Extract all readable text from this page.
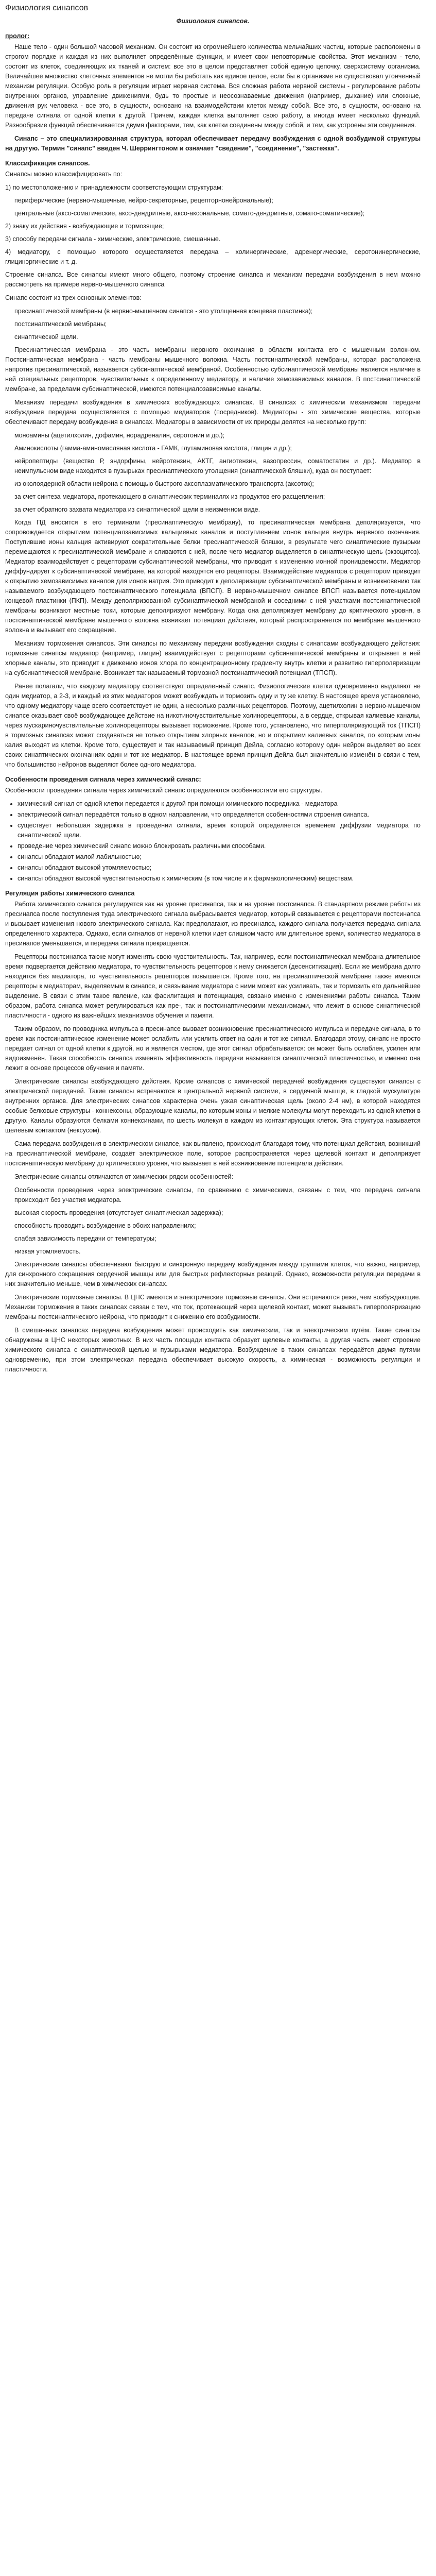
Физиология синапсов
Физиология синапсов.
пролог:

Наше тело - один большой часовой механизм. Он состоит из огромнейшего количества мельчайших частиц, которые расположены в строгом порядке и каждая из них выполняет определённые функции, и имеет свои неповторимые свойства. Этот механизм - тело, состоит из клеток, соединяющих их тканей и систем: все это в целом представляет собой единую цепочку, сверхсистему организма. Величайшее множество клеточных элементов не могли бы работать как единое целое, если бы в организме не существовал утонченный механизм регуляции. Особую роль в регуляции играет нервная система. Вся сложная работа нервной системы - регулирование работы внутренних органов, управление движениями, будь то простые и неосознаваемые движения (например, дыхание) или сложные, движения рук человека - все это, в сущности, основано на взаимодействии клеток между собой. Все это, в сущности, основано на передаче сигнала от одной клетки к другой. Причем, каждая клетка выполняет свою работу, а иногда имеет несколько функций. Разнообразие функций обеспечивается двумя факторами, тем, как клетки соединены между собой, и тем, как устроены эти соединения.

Синапс – это специализированная структура, которая обеспечивает передачу возбуждения с одной возбудимой структуры на другую. Термин "синапс" введен Ч. Шеррингтоном и означает "сведение", "соединение", "застежка".

Классификация синапсов.

Синапсы можно классифицировать по:

1) по местоположению и принадлежности соответствующим структурам:
периферические (нервно-мышечные, нейро-секреторные, рецепторнонейрональные);
центральные (аксо-соматические, аксо-дендритные, аксо-аксональные, сомато-дендритные, сомато-соматические);
2) знаку их действия - возбуждающие и тормозящие;
3) способу передачи сигнала - химические, электрические, смешанные.
4) медиатору, с помощью которого осуществляется передача – холинергические, адренергические, серотонинергические, глицинэргические и т. д.

Строение синапса. Все синапсы имеют много общего, поэтому строение синапса и механизм передачи возбуждения в нем можно рассмотреть на примере нервно-мышечного синапса

Синапс состоит из трех основных элементов:

пресинаптической мембраны (в нервно-мышечном синапсе - это утолщенная концевая пластинка);
постсинаптической мембраны;
синаптической щели.

Пресинаптическая мембрана - это часть мембраны нервного окончания в области контакта его с мышечным волокном. Постсинаптическая мембрана - часть мембраны мышечного волокна. Часть постсинаптической мембраны, которая расположена напротив пресинаптической, называется субсинаптической мембраной. Особенностью субсинаптической мембраны является наличие в ней специальных рецепторов, чувствительных к определенному медиатору, и наличие хемозависимых каналов. В постсинаптической мембране, за пределами субсинаптической, имеются потенциалозависимые каналы.

Механизм передачи возбуждения в химических возбуждающих синапсах. В синапсах с химическим механизмом передачи возбуждения передача осуществляется с помощью медиаторов (посредников). Медиаторы - это химические вещества, которые обеспечивают передачу возбуждения в синапсах. Медиаторы в зависимости от их природы делятся на несколько групп:

моноамины (ацетилхолин, дофамин, норадреналин, серотонин и др.);
Аминокислоты (гамма-аминомасляная кислота - ГАМК, глутаминовая кислота, глицин и др.);
нейропептиды (вещество Р, эндорфины, нейротензин, АКТГ, ангиотензин, вазопрессин, соматостатин и др.). Медиатор в неимпульсном виде находится в пузырьках пресинаптического утолщения (синаптической бляшки), куда он поступает:
из околоядерной области нейрона с помощью быстрого аксоплазматического транспорта (аксоток);
за счет синтеза медиатора, протекающего в синаптических терминалях из продуктов его расщепления;
за счет обратного захвата медиатора из синаптической щели в неизменном виде.

Когда ПД вносится в его терминали (пресинаптическую мембрану), то пресинаптическая мембрана деполяризуется, что сопровождается открытием потенциалзависимых кальциевых каналов и поступлением ионов кальция внутрь нервного окончания. Поступившие ионы кальция активируют сократительные белки пресинаптической бляшки, в результате чего синаптические пузырьки перемещаются к пресинаптической мембране и сливаются с ней, после чего медиатор выделяется в синаптическую щель (экзоцитоз). Медиатор взаимодействует с рецепторами субсинаптической мембраны, что приводит к изменению ионной проницаемости. Медиатор диффундирует к субсинаптической мембране, на которой находятся его рецепторы. Взаимодействие медиатора с рецептором приводит к открытию хемозависимых каналов для ионов натрия. Это приводит к деполяризации субсинаптической мембраны и возникновению так называемого возбуждающего постсинаптического потенциала (ВПСП). В нервно-мышечном синапсе ВПСП называется потенциалом концевой пластинки (ПКП). Между деполяризованной субсинаптической мембраной и соседними с ней участками постсинаптической мембраны возникают местные токи, которые деполяризуют мембрану. Когда она деполяризует мембрану до критического уровня, в постсинаптической мембране мышечного волокна возникает потенциал действия, который распространяется по мембране мышечного волокна и вызывает его сокращение.

Механизм торможения синапсов. Эти синапсы по механизму передачи возбуждения сходны с синапсами возбуждающего действия: тормозные синапсы медиатор (например, глицин) взаимодействует с рецепторами субсинаптической мембраны и открывает в ней хлорные каналы, это приводит к движению ионов хлора по концентрационному градиенту внутрь клетки и развитию гиперполяризации на субсинаптической мембране. Возникает так называемый тормозной постсинаптический потенциал (ТПСП).

Ранее полагали, что каждому медиатору соответствует определенный синапс. Физиологические клетки одновременно выделяют не один медиатор, а 2-3, и каждый из этих медиаторов может возбуждать и тормозить одну и ту же клетку. В настоящее время установлено, что одному медиатору чаще всего соответствует не один, а несколько различных рецепторов. Поэтому, ацетилхолин в нервно-мышечном синапсе оказывает своё возбуждающее действие на никотиночувствительные холинорецепторы, а в сердце, открывая калиевые каналы, через мускариночувствительные холинорецепторы вызывает торможение. Кроме того, установлено, что гиперполяризующий ток (ТПСП) в тормозных синапсах может создаваться не только открытием хлорных каналов, но и открытием калиевых каналов, по которым ионы калия выходят из клетки. Кроме того, существует и так называемый принцип Дейла, согласно которому один нейрон выделяет во всех своих синаптических окончаниях один и тот же медиатор. В настоящее время принцип Дейла был значительно изменён в связи с тем, что большинство нейронов выделяют более одного медиатора.

Особенности проведения сигнала через химический синапс:

Особенности проведения сигнала через химический синапс определяются особенностями его структуры.

• химический сигнал от одной клетки передается к другой при помощи химического посредника - медиатора
• электрический сигнал передаётся только в одном направлении, что определяется особенностями строения синапса.
• существует небольшая задержка в проведении сигнала, время которой определяется временем диффузии медиатора по синаптической щели.
• проведение через химический синапс можно блокировать различными способами.
• синапсы обладают малой лабильностью;
• синапсы обладают высокой утомляемостью;
• синапсы обладают высокой чувствительностью к химическим (в том числе и к фармакологическим) веществам.
Регуляция работы химического синапса

Работа химического синапса регулируется как на уровне пресинапса, так и на уровне постсинапса. В стандартном режиме работы из пресинапса после поступления туда электрического сигнала выбрасывается медиатор, который связывается с рецепторами постсинапса и вызывает изменения нового электрического сигнала. Как предполагают, из пресинапса, каждого сигнала получается передача сигнала определенного характера. Однако, если сигналов от нервной клетки идет слишком часто или длительное время, количество медиатора в пресинапсе уменьшается, и передача сигнала прекращается.

Рецепторы постсинапса также могут изменять свою чувствительность. Так, например, если постсинаптическая мембрана длительное время подвергается действию медиатора, то чувствительность рецепторов к нему снижается (десенситизация). Если же мембрана долго находится без медиатора, то чувствительность рецепторов повышается. Кроме того, на пресинаптической мембране также имеются рецепторы к медиаторам, выделяемым в синапсе, и связывание медиатора с ними может как усиливать, так и тормозить его дальнейшее выделение. В связи с этим такое явление, как фасилитация и потенциация, связано именно с изменениями работы синапса. Таким образом, работа синапса может регулироваться как пре-, так и постсинаптическими механизмами, что лежит в основе синаптической пластичности - одного из важнейших механизмов обучения и памяти.

Таким образом, по проводника импульса в пресинапсе вызвает возникновение пресинаптического импульса и передаче сигнала, в то время как постсинаптическое изменение может ослабить или усилить ответ на один и тот же сигнал. Благодаря этому, синапс не просто передает сигнал от одной клетки к другой, но и является местом, где этот сигнал обрабатывается: он может быть ослаблен, усилен или видоизменён. Такая способность синапса изменять эффективность передачи называется синаптической пластичностью, и именно она лежит в основе процессов обучения и памяти.

Электрические синапсы возбуждающего действия. Кроме синапсов с химической передачей возбуждения существуют синапсы с электрической передачей. Такие синапсы встречаются в центральной нервной системе, в сердечной мышце, в гладкой мускулатуре внутренних органов. Для электрических синапсов характерна очень узкая синаптическая щель (около 2-4 нм), в которой находятся особые белковые структуры - коннексоны, образующие каналы, по которым ионы и мелкие молекулы могут переходить из одной клетки в другую. Каналы образуются белками коннексинами, по шесть молекул в каждом из контактирующих клеток. Эта структура называется щелевым контактом (нексусом).

Сама передача возбуждения в электрическом синапсе, как выявлено, происходит благодаря тому, что потенциал действия, возникший на пресинаптической мембране, создаёт электрическое поле, которое распространяется через щелевой контакт и деполяризует постсинаптическую мембрану до критического уровня, что вызывает в ней возникновение потенциала действия.

Электрические синапсы отличаются от химических рядом особенностей:

Особенности проведения через электрические синапсы, по сравнению с химическими, связаны с тем, что передача сигнала происходит без участия медиатора.
высокая скорость проведения (отсутствует синаптическая задержка);
способность проводить возбуждение в обоих направлениях;
слабая зависимость передачи от температуры;
низкая утомляемость.

Электрические синапсы обеспечивают быструю и синхронную передачу возбуждения между группами клеток, что важно, например, для синхронного сокращения сердечной мышцы или для быстрых рефлекторных реакций. Однако, возможности регуляции передачи в них значительно меньше, чем в химических синапсах.

Электрические тормозные синапсы. В ЦНС имеются и электрические тормозные синапсы. Они встречаются реже, чем возбуждающие. Механизм торможения в таких синапсах связан с тем, что ток, протекающий через щелевой контакт, может вызывать гиперполяризацию мембраны постсинаптического нейрона, что приводит к снижению его возбудимости.

В смешанных синапсах передача возбуждения может происходить как химическим, так и электрическим путём. Такие синапсы обнаружены в ЦНС некоторых животных. В них часть площади контакта образует щелевые контакты, а другая часть имеет строение химического синапса с синаптической щелью и пузырьками медиатора. Возбуждение в таких синапсах передаётся двумя путями одновременно, при этом электрическая передача обеспечивает высокую скорость, а химическая - возможность регуляции и пластичности.
